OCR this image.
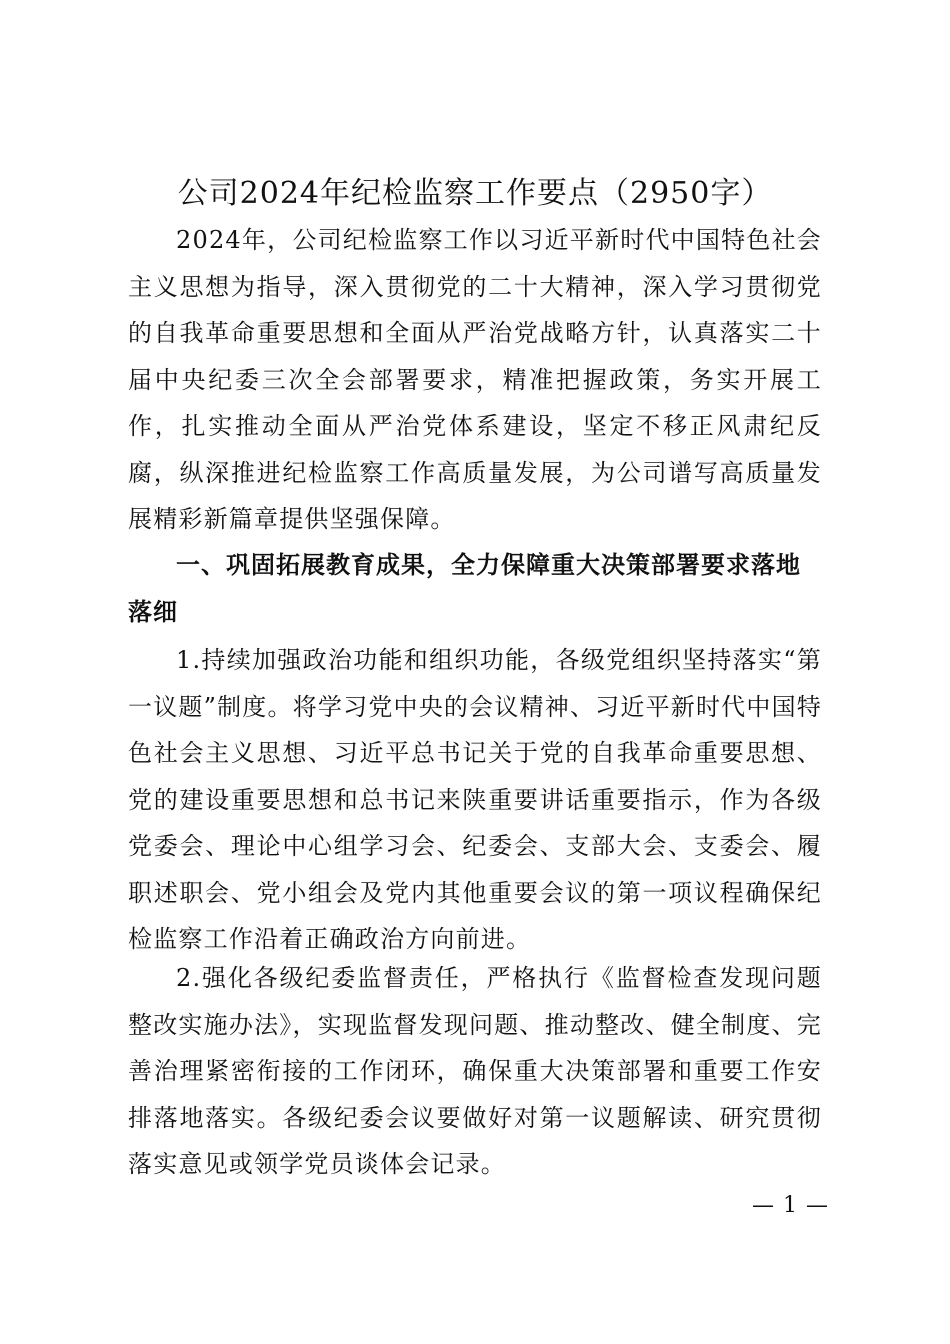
公司2024年纪检监察工作要点（2950字）

2024年，公司纪检监察工作以习近平新时代中国特色社会主义思想为指导，深入贯彻党的二十大精神，深入学习贯彻党的自我革命重要思想和全面从严治党战略方针，认真落实二十届中央纪委三次全会部署要求，精准把握政策，务实开展工作，扎实推动全面从严治党体系建设，坚定不移正风肃纪反腐，纵深推进纪检监察工作高质量发展，为公司谱写高质量发展精彩新篇章提供坚强保障。

一、巩固拓展教育成果，全力保障重大决策部署要求落地落细

1.持续加强政治功能和组织功能，各级党组织坚持落实“第一议题”制度。将学习党中央的会议精神、习近平新时代中国特色社会主义思想、习近平总书记关于党的自我革命重要思想、党的建设重要思想和总书记来陕重要讲话重要指示，作为各级党委会、理论中心组学习会、纪委会、支部大会、支委会、履职述职会、党小组会及党内其他重要会议的第一项议程确保纪检监察工作沿着正确政治方向前进。

2.强化各级纪委监督责任，严格执行《监督检查发现问题整改实施办法》，实现监督发现问题、推动整改、健全制度、完善治理紧密衔接的工作闭环，确保重大决策部署和重要工作安排落地落实。各级纪委会议要做好对第一议题解读、研究贯彻落实意见或领学党员谈体会记录。

— 1 —
